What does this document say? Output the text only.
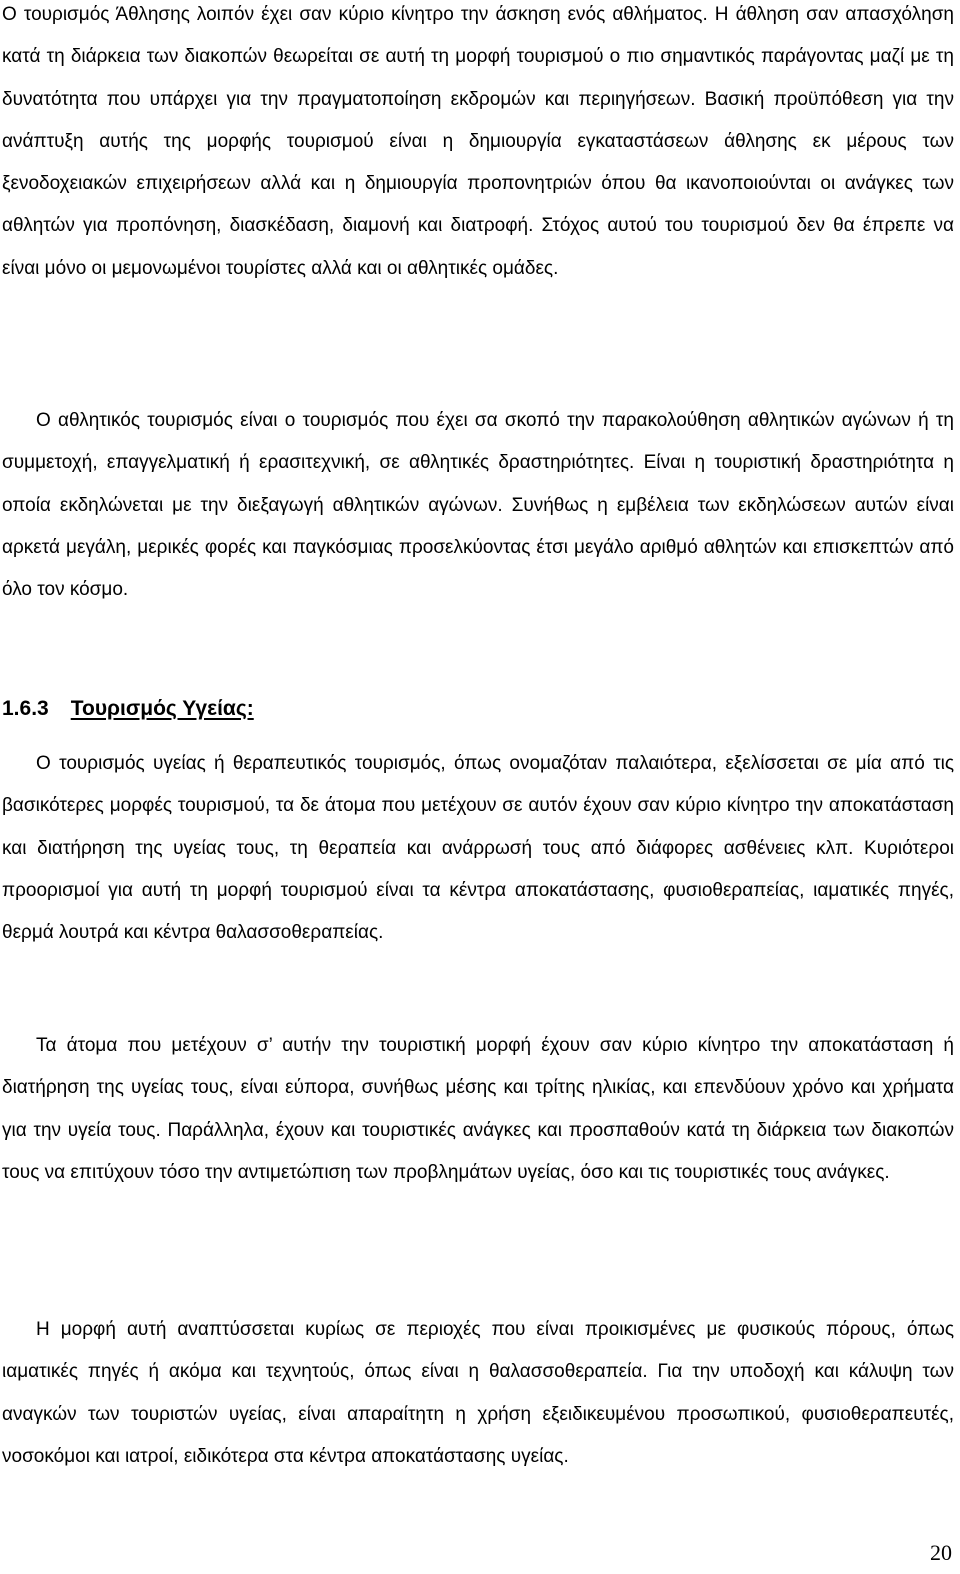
Ο τουρισμός Άθλησης λοιπόν έχει σαν κύριο κίνητρο την άσκηση ενός αθλήματος. Η άθληση σαν απασχόληση κατά τη διάρκεια των διακοπών θεωρείται σε αυτή τη μορφή τουρισμού ο πιο σημαντικός παράγοντας μαζί με τη δυνατότητα που υπάρχει για την πραγματοποίηση εκδρομών και περιηγήσεων. Βασική προϋπόθεση για την ανάπτυξη αυτής της μορφής τουρισμού είναι η δημιουργία εγκαταστάσεων άθλησης εκ μέρους των ξενοδοχειακών επιχειρήσεων αλλά και η δημιουργία προπονητριών όπου θα ικανοποιούνται οι ανάγκες των αθλητών για προπόνηση, διασκέδαση, διαμονή και διατροφή. Στόχος αυτού του τουρισμού δεν θα έπρεπε να είναι μόνο οι μεμονωμένοι τουρίστες αλλά και οι αθλητικές ομάδες.

Ο αθλητικός τουρισμός είναι ο τουρισμός που έχει σα σκοπό την παρακολούθηση αθλητικών αγώνων ή τη συμμετοχή, επαγγελματική ή ερασιτεχνική, σε αθλητικές δραστηριότητες. Είναι η τουριστική δραστηριότητα η οποία εκδηλώνεται με την διεξαγωγή αθλητικών αγώνων. Συνήθως η εμβέλεια των εκδηλώσεων αυτών είναι αρκετά μεγάλη, μερικές φορές και παγκόσμιας προσελκύοντας έτσι μεγάλο αριθμό αθλητών και επισκεπτών από όλο τον κόσμο.

1.6.3 Τουρισμός Υγείας:

Ο τουρισμός υγείας ή θεραπευτικός τουρισμός, όπως ονομαζόταν παλαιότερα, εξελίσσεται σε μία από τις βασικότερες μορφές τουρισμού, τα δε άτομα που μετέχουν σε αυτόν έχουν σαν κύριο κίνητρο την αποκατάσταση και διατήρηση της υγείας τους, τη θεραπεία και ανάρρωσή τους από διάφορες ασθένειες κλπ. Κυριότεροι προορισμοί για αυτή τη μορφή τουρισμού είναι τα κέντρα αποκατάστασης, φυσιοθεραπείας, ιαματικές πηγές, θερμά λουτρά και κέντρα θαλασσοθεραπείας.

Τα άτομα που μετέχουν σ’ αυτήν την τουριστική μορφή έχουν σαν κύριο κίνητρο την αποκατάσταση ή διατήρηση της υγείας τους, είναι εύπορα, συνήθως μέσης και τρίτης ηλικίας, και επενδύουν χρόνο και χρήματα για την υγεία τους. Παράλληλα, έχουν και τουριστικές ανάγκες και προσπαθούν κατά τη διάρκεια των διακοπών τους να επιτύχουν τόσο την αντιμετώπιση των προβλημάτων υγείας, όσο και τις τουριστικές τους ανάγκες.

Η μορφή αυτή αναπτύσσεται κυρίως σε περιοχές που είναι προικισμένες με φυσικούς πόρους, όπως ιαματικές πηγές ή ακόμα και τεχνητούς, όπως είναι η θαλασσοθεραπεία. Για την υποδοχή και κάλυψη των αναγκών των τουριστών υγείας, είναι απαραίτητη η χρήση εξειδικευμένου προσωπικού, φυσιοθεραπευτές, νοσοκόμοι και ιατροί, ειδικότερα στα κέντρα αποκατάστασης υγείας.

20
